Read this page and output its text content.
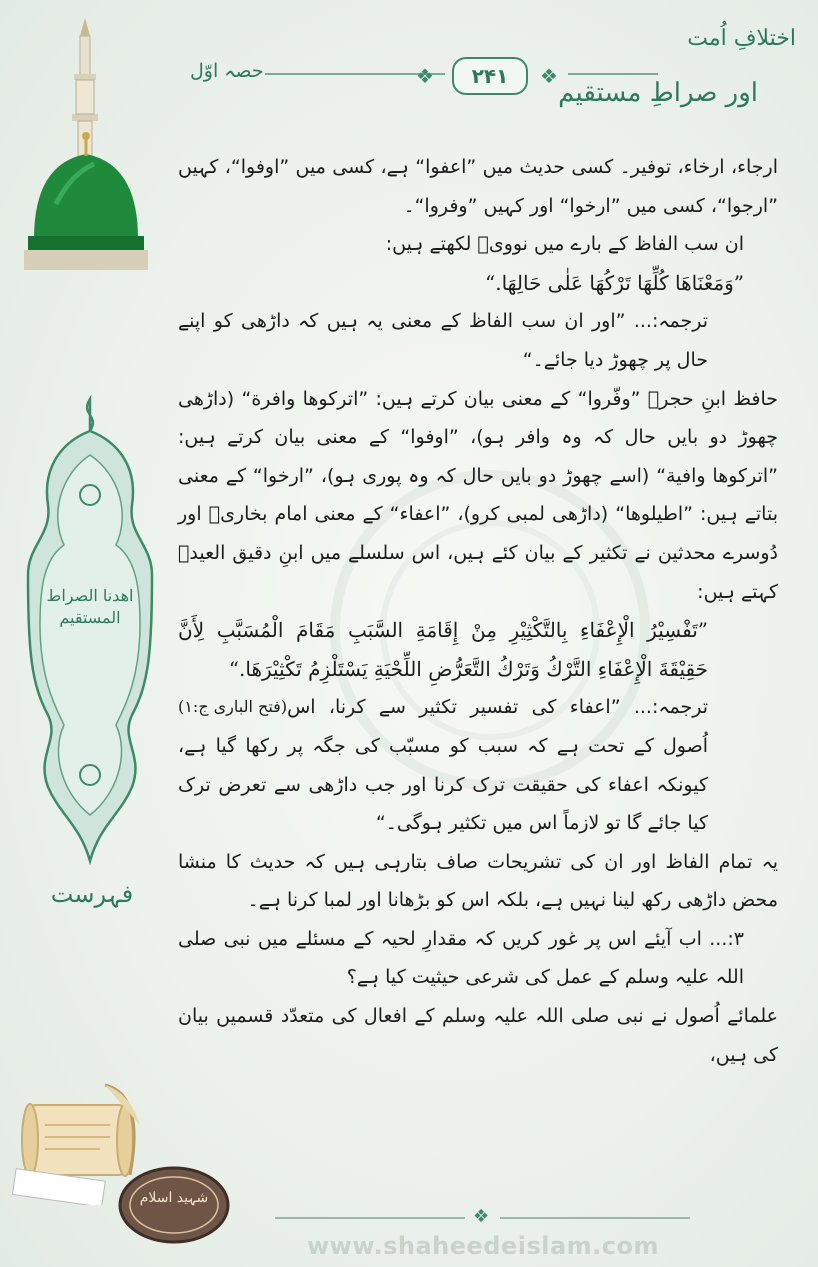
اختلافِ اُمت
اور صراطِ مستقیم
حصہ اوّل	❖ ۲۴۱ ❖
اهدنا الصراط المستقیم
فہرست
شہید اسلام

ارجاء، ارخاء، توفیر۔ کسی حدیث میں ”اعفوا“ ہے، کسی میں ”اوفوا“، کہیں ”ارجوا“، کسی میں ”ارخوا“ اور کہیں ”وفروا“۔

ان سب الفاظ کے بارے میں نوویؒ لکھتے ہیں:

”وَمَعْنَاهَا كُلِّهَا تَرْكُهَا عَلٰى حَالِهَا.“

ترجمہ:... ”اور ان سب الفاظ کے معنی یہ ہیں کہ داڑھی کو اپنے حال پر چھوڑ دیا جائے۔“

حافظ ابنِ حجرؒ ”وفّروا“ کے معنی بیان کرتے ہیں: ”اتركوها وافرة“ (داڑھی چھوڑ دو بایں حال کہ وہ وافر ہو)، ”اوفوا“ کے معنی بیان کرتے ہیں: ”اتركوها وافية“ (اسے چھوڑ دو بایں حال کہ وہ پوری ہو)، ”ارخوا“ کے معنی بتاتے ہیں: ”اطيلوها“ (داڑھی لمبی کرو)، ”اعفاء“ کے معنی امام بخاریؒ اور دُوسرے محدثین نے تکثیر کے بیان کئے ہیں، اس سلسلے میں ابنِ دقیق العیدؒ کہتے ہیں:

”تَفْسِيْرُ الْإِعْفَاءِ بِالتَّكْثِيْرِ مِنْ إِقَامَةِ السَّبَبِ مَقَامَ الْمُسَبَّبِ لِأَنَّ حَقِيْقَةَ الْإِعْفَاءِ التَّرْكُ وَتَرْكُ التَّعَرُّضِ اللِّحْيَةِ يَسْتَلْزِمُ تَكْثِيْرَهَا.“
(فتح الباری ج:۱) ترجمہ:... ”اعفاء کی تفسیر تکثیر سے کرنا، اس اُصول کے تحت ہے کہ سبب کو مسبّب کی جگہ پر رکھا گیا ہے، کیونکہ اعفاء کی حقیقت ترک کرنا اور جب داڑھی سے تعرض ترک کیا جائے گا تو لازماً اس میں تکثیر ہوگی۔“

یہ تمام الفاظ اور ان کی تشریحات صاف بتارہی ہیں کہ حدیث کا منشا محض داڑھی رکھ لینا نہیں ہے، بلکہ اس کو بڑھانا اور لمبا کرنا ہے۔

۳:... اب آیئے اس پر غور کریں کہ مقدارِ لحیہ کے مسئلے میں نبی صلی اللہ علیہ وسلم کے عمل کی شرعی حیثیت کیا ہے؟

علمائے اُصول نے نبی صلی اللہ علیہ وسلم کے افعال کی متعدّد قسمیں بیان کی ہیں،

❖
www.shaheedeislam.com
